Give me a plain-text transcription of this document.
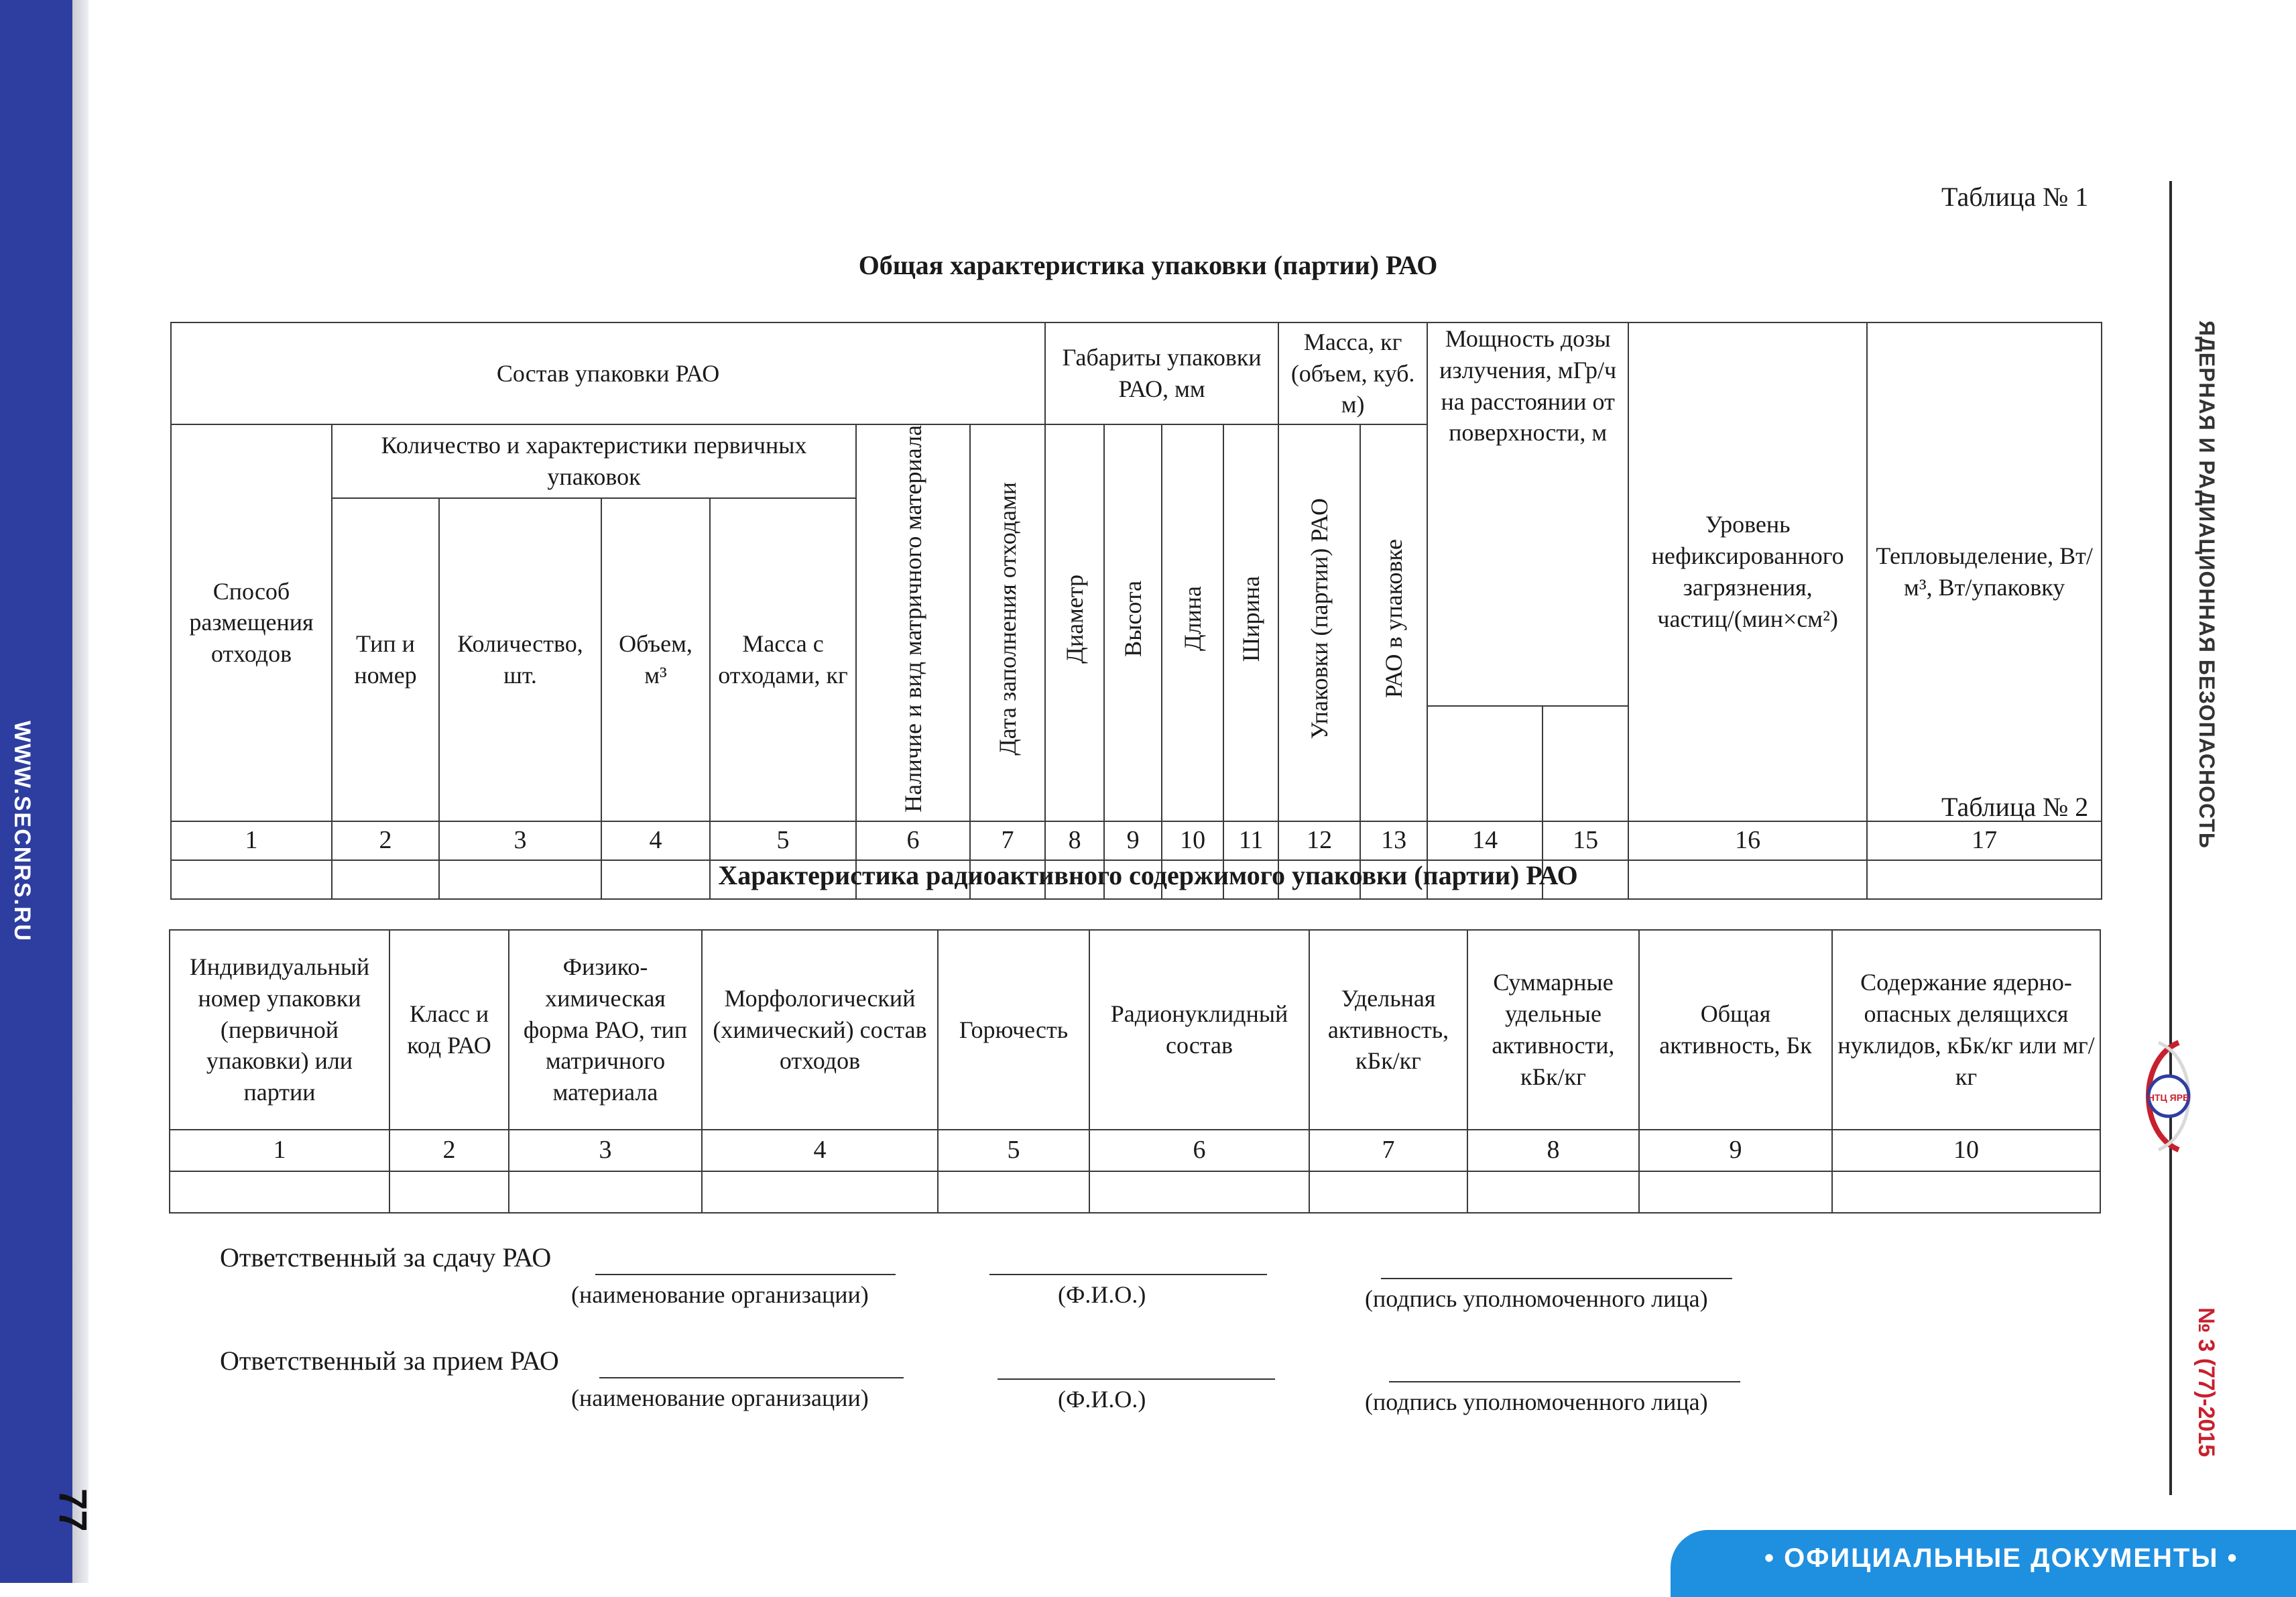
WWW.SECNRS.RU
77
ЯДЕРНАЯ И РАДИАЦИОННАЯ БЕЗОПАСНОСТЬ
НТЦ ЯРБ
№ 3 (77)-2015
• ОФИЦИАЛЬНЫЕ ДОКУМЕНТЫ •
Таблица № 1
Общая характеристика упаковки (партии) РАО
Состав упаковки РАО							Габариты упаковки РАО, мм				Масса, кг (объем, куб. м)		Мощность дозы излучения, мГр/ч на расстоянии от поверхности, м		Уровень нефиксированного загрязнения, частиц/(мин×см²)	Тепловыделение, Вт/м³, Вт/упаковку
Способ размещения отходов	Количество и характеристики первичных упаковок				Наличие и вид матричного материала	Дата заполнения отходами	Диаметр	Высота	Длина	Ширина	Упаковки (партии) РАО	РАО в упаковке				
	Тип и номер	Количество, шт.	Объем, м³	Масса с отходами, кг												

1	2	3	4	5	6	7	8	9	10	11	12	13	14	15	16	17

Таблица № 2
Характеристика радиоактивного содержимого упаковки (партии) РАО
Индивидуальный номер упаковки (первичной упаковки) или партии	Класс и код РАО	Физико-химическая форма РАО, тип матричного материала	Морфологический (химический) состав отходов	Горючесть	Радионуклидный состав	Удельная активность, кБк/кг	Суммарные удельные активности, кБк/кг	Общая активность, Бк	Содержание ядерно-опасных делящихся нуклидов, кБк/кг или мг/кг
1	2	3	4	5	6	7	8	9	10

Ответственный за сдачу РАО
(наименование организации)	(Ф.И.О.)	(подпись уполномоченного лица)
Ответственный за прием РАО
(наименование организации)	(Ф.И.О.)	(подпись уполномоченного лица)
